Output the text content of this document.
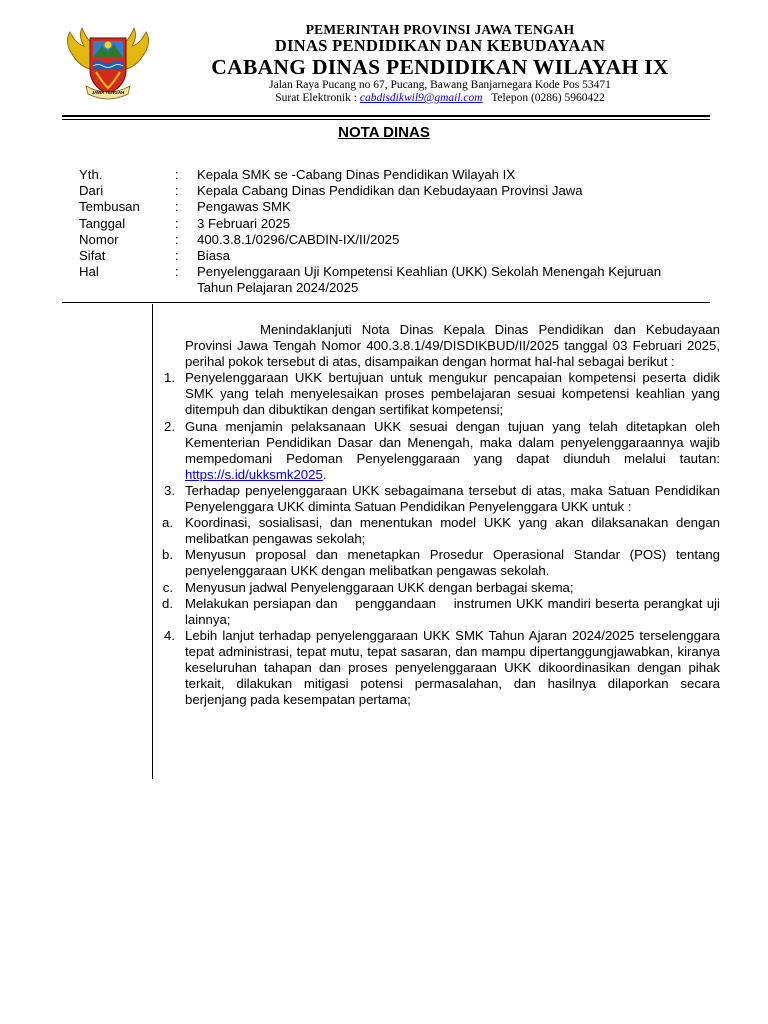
JAWA TENGAH
PEMERINTAH PROVINSI JAWA TENGAH
DINAS PENDIDIKAN DAN KEBUDAYAAN
CABANG DINAS PENDIDIKAN WILAYAH IX
Jalan Raya Pucang no 67, Pucang, Bawang Banjarnegara Kode Pos 53471
Surat Elektronik : cabdisdikwil9@gmail.com Telepon (0286) 5960422
NOTA DINAS
Yth.	:	Kepala SMK se -Cabang Dinas Pendidikan Wilayah IX
Dari	:	Kepala Cabang Dinas Pendidikan dan Kebudayaan Provinsi Jawa
Tembusan	:	Pengawas SMK
Tanggal	:	3 Februari 2025
Nomor	:	400.3.8.1/0296/CABDIN-IX/II/2025
Sifat	:	Biasa
Hal	:	Penyelenggaraan Uji Kompetensi Keahlian (UKK) Sekolah Menengah Kejuruan Tahun Pelajaran 2024/2025
Menindaklanjuti Nota Dinas Kepala Dinas Pendidikan dan Kebudayaan Provinsi Jawa Tengah Nomor 400.3.8.1/49/DISDIKBUD/II/2025 tanggal 03 Februari 2025, perihal pokok tersebut di atas, disampaikan dengan hormat hal-hal sebagai berikut :
1. Penyelenggaraan UKK bertujuan untuk mengukur pencapaian kompetensi peserta didik SMK yang telah menyelesaikan proses pembelajaran sesuai kompetensi keahlian yang ditempuh dan dibuktikan dengan sertifikat kompetensi;
2. Guna menjamin pelaksanaan UKK sesuai dengan tujuan yang telah ditetapkan oleh Kementerian Pendidikan Dasar dan Menengah, maka dalam penyelenggaraannya wajib mempedomani Pedoman Penyelenggaraan yang dapat diunduh melalui tautan: https://s.id/ukksmk2025.
3. Terhadap penyelenggaraan UKK sebagaimana tersebut di atas, maka Satuan Pendidikan Penyelenggara UKK diminta Satuan Pendidikan Penyelenggara UKK untuk :
a. Koordinasi, sosialisasi, dan menentukan model UKK yang akan dilaksanakan dengan melibatkan pengawas sekolah;
b. Menyusun proposal dan menetapkan Prosedur Operasional Standar (POS) tentang penyelenggaraan UKK dengan melibatkan pengawas sekolah.
c. Menyusun jadwal Penyelenggaraan UKK dengan berbagai skema;
d. Melakukan persiapan dan    penggandaan    instrumen UKK mandiri beserta perangkat uji lainnya;
4. Lebih lanjut terhadap penyelenggaraan UKK SMK Tahun Ajaran 2024/2025 terselenggara tepat administrasi, tepat mutu, tepat sasaran, dan mampu dipertanggungjawabkan, kiranya keseluruhan tahapan dan proses penyelenggaraan UKK dikoordinasikan dengan pihak terkait, dilakukan mitigasi potensi permasalahan, dan hasilnya dilaporkan secara berjenjang pada kesempatan pertama;
